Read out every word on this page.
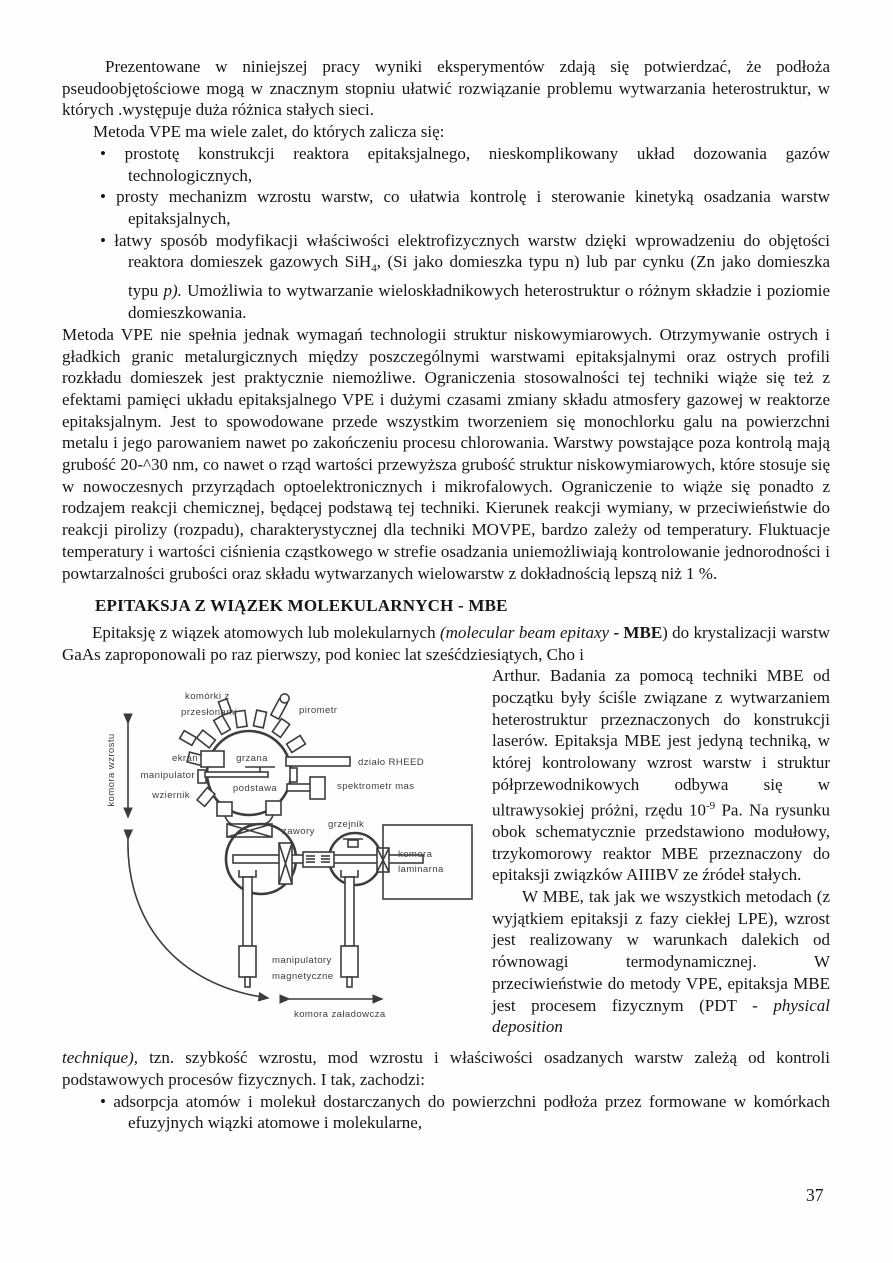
Prezentowane w niniejszej pracy wyniki eksperymentów zdają się potwierdzać, że podłoża pseudoobjętościowe mogą w znacznym stopniu ułatwić rozwiązanie problemu wytwarzania heterostruktur, w których .występuje duża różnica stałych sieci.

Metoda VPE ma wiele zalet, do których zalicza się:

• prostotę konstrukcji reaktora epitaksjalnego, nieskomplikowany układ dozowania gazów technologicznych,
• prosty mechanizm wzrostu warstw, co ułatwia kontrolę i sterowanie kinetyką osadzania warstw epitaksjalnych,
• łatwy sposób modyfikacji właściwości elektrofizycznych warstw dzięki wprowadzeniu do objętości reaktora domieszek gazowych SiH$_4$, (Si jako domieszka typu n) lub par cynku (Zn jako domieszka typu p). Umożliwia to wytwarzanie wieloskładnikowych heterostruktur o różnym składzie i poziomie domieszkowania.

Metoda VPE nie spełnia jednak wymagań technologii struktur niskowymiarowych. Otrzymywanie ostrych i gładkich granic metalurgicznych między poszczególnymi warstwami epitaksjalnymi oraz ostrych profili rozkładu domieszek jest praktycznie niemożliwe. Ograniczenia stosowalności tej techniki wiąże się też z efektami pamięci układu epitaksjalnego VPE i dużymi czasami zmiany składu atmosfery gazowej w reaktorze epitaksjalnym. Jest to spowodowane przede wszystkim tworzeniem się monochlorku galu na powierzchni metalu i jego parowaniem nawet po zakończeniu procesu chlorowania. Warstwy powstające poza kontrolą mają grubość 20-^30 nm, co nawet o rząd wartości przewyższa grubość struktur niskowymiarowych, które stosuje się w nowoczesnych przyrządach optoelektronicznych i mikrofalowych. Ograniczenie to wiąże się ponadto z rodzajem reakcji chemicznej, będącej podstawą tej techniki. Kierunek reakcji wymiany, w przeciwieństwie do reakcji pirolizy (rozpadu), charakterystycznej dla techniki MOVPE, bardzo zależy od temperatury. Fluktuacje temperatury i wartości ciśnienia cząstkowego w strefie osadzania uniemożliwiają kontrolowanie jednorodności i powtarzalności grubości oraz składu wytwarzanych wielowarstw z dokładnością lepszą niż 1 %.

EPITAKSJA Z WIĄZEK MOLEKULARNYCH - MBE

Epitaksję z wiązek atomowych lub molekularnych (molecular beam epitaxy - MBE) do krystalizacji warstw GaAs zaproponowali po raz pierwszy, pod koniec lat sześćdziesiątych, Cho i

komora wzrostu
komora
laminarna
komórki z
przesłonami	pirometr
ekran	grzana
manipulator
podstawa
wziernik
działo RHEED
spektrometr mas
zawory
grzejnik
manipulatory
magnetyczne
komora załadowcza

Arthur. Badania za pomocą techniki MBE od początku były ściśle związane z wytwarzaniem heterostruktur przeznaczonych do konstrukcji laserów. Epitaksja MBE jest jedyną techniką, w której kontrolowany wzrost warstw i struktur półprzewodnikowych odbywa się w ultrawysokiej próżni, rzędu $10^{-9}$ Pa. Na rysunku obok schematycznie przedstawiono modułowy, trzykomorowy reaktor MBE przeznaczony do epitaksji związków AIIIBV ze źródeł stałych.

W MBE, tak jak we wszystkich metodach (z wyjątkiem epitaksji z fazy ciekłej LPE), wzrost jest realizowany w warunkach dalekich od równowagi termodynamicznej. W przeciwieństwie do metody VPE, epitaksja MBE jest procesem fizycznym (PDT - physical deposition

technique), tzn. szybkość wzrostu, mod wzrostu i właściwości osadzanych warstw zależą od kontroli podstawowych procesów fizycznych. I tak, zachodzi:

• adsorpcja atomów i molekuł dostarczanych do powierzchni podłoża przez formowane w komórkach efuzyjnych wiązki atomowe i molekularne,
37
